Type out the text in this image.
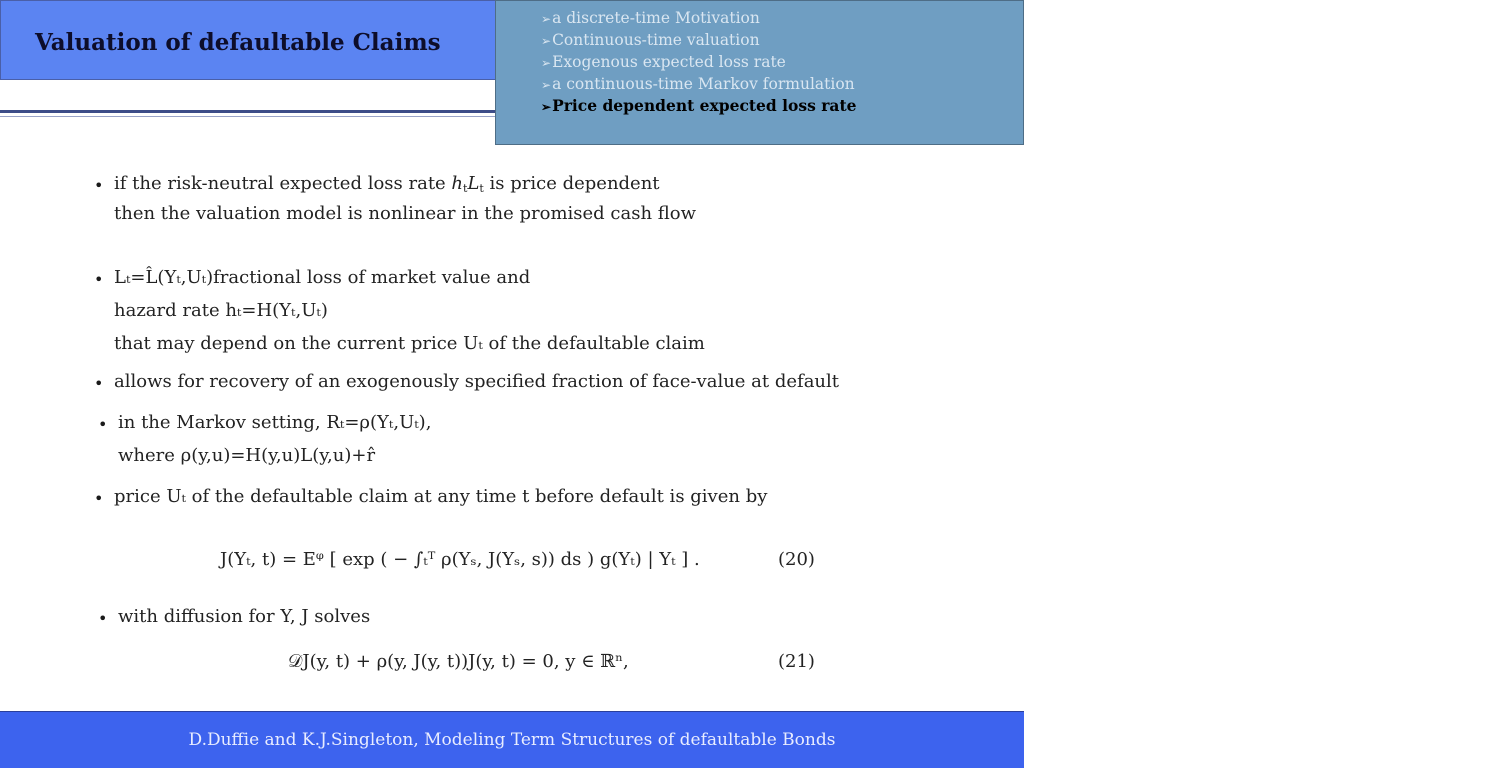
Valuation of defaultable Claims
➢a discrete-time Motivation
➢Continuous-time valuation
➢Exogenous expected loss rate
➢a continuous-time Markov formulation
➢Price dependent expected loss rate
15
• if the risk-neutral expected loss rate $h_tL_t$ is price dependent
then the valuation model is nonlinear in the promised cash flow
• Lₜ=L̂(Yₜ,Uₜ)fractional loss of market value and
hazard rate hₜ=H(Yₜ,Uₜ)
that may depend on the current price Uₜ of the defaultable claim
• allows for recovery of an exogenously specified fraction of face-value at default
• in the Markov setting, Rₜ=ρ(Yₜ,Uₜ),
where ρ(y,u)=H(y,u)L(y,u)+r̂
• price Uₜ of the defaultable claim at any time t before default is given by
J(Yₜ, t) = Eᵠ [ exp ( − ∫ₜᵀ ρ(Yₛ, J(Yₛ, s)) ds ) g(Yₜ) | Yₜ ] .	(20)
• with diffusion for Y, J solves
𝒟J(y, t) + ρ(y, J(y, t))J(y, t) = 0, y ∈ ℝⁿ,	(21)
D.Duffie and K.J.Singleton, Modeling Term Structures of defaultable Bonds
